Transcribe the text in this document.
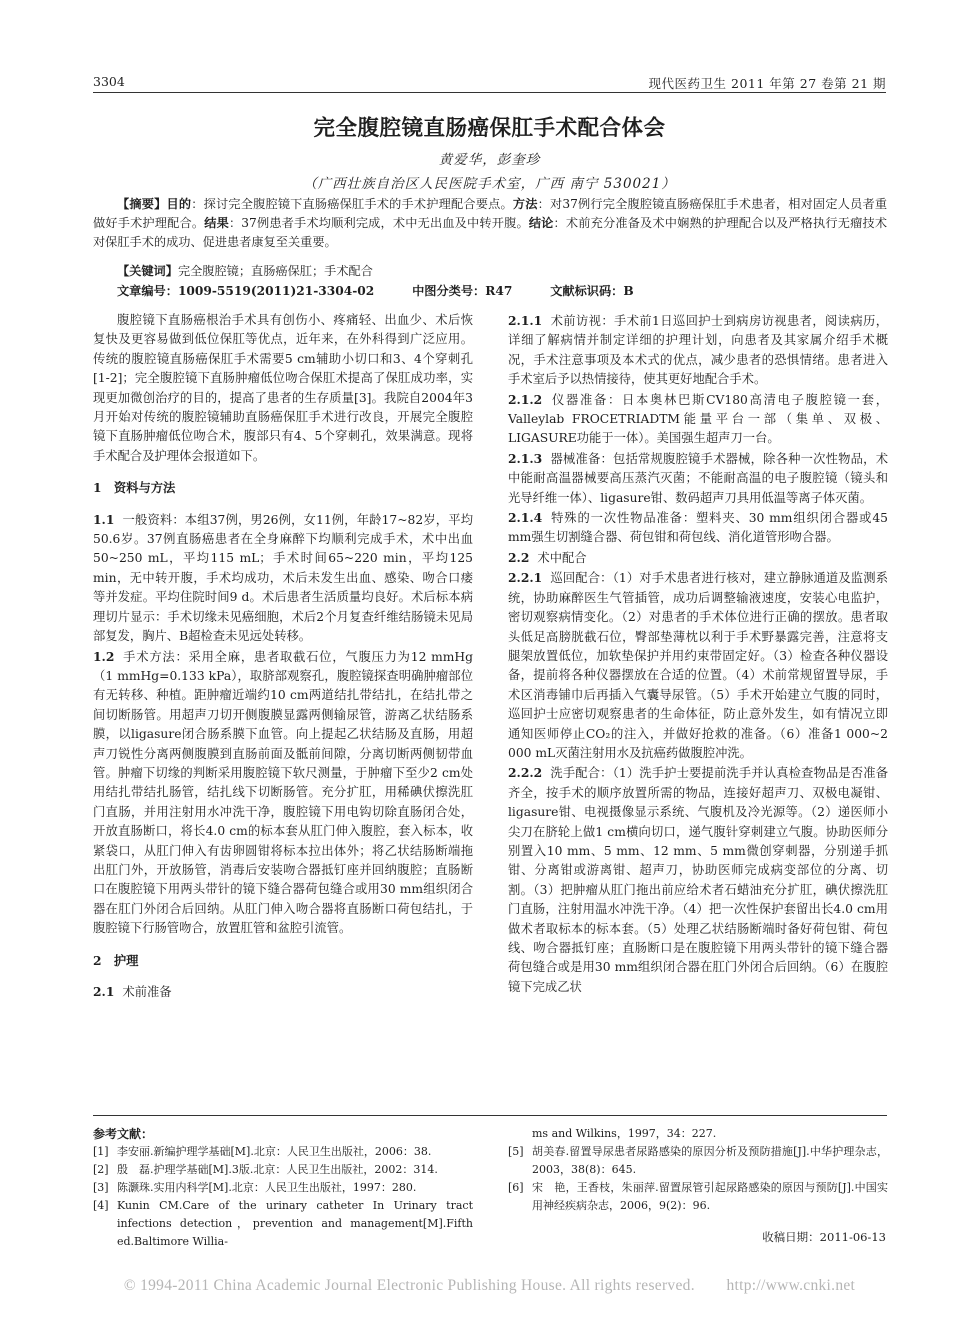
3304	现代医药卫生 2011 年第 27 卷第 21 期
完全腹腔镜直肠癌保肛手术配合体会
黄爱华，彭奎珍
（广西壮族自治区人民医院手术室，广西 南宁 530021）

【摘要】目的：探讨完全腹腔镜下直肠癌保肛手术的手术护理配合要点。方法：对37例行完全腹腔镜直肠癌保肛手术患者，相对固定人员者重做好手术护理配合。结果：37例患者手术均顺利完成，术中无出血及中转开腹。结论：术前充分准备及术中娴熟的护理配合以及严格执行无瘤技术对保肛手术的成功、促进患者康复至关重要。

【关键词】完全腹腔镜；直肠癌保肛；手术配合

文章编号：1009-5519(2011)21-3304-02	中图分类号：R47	文献标识码：B

腹腔镜下直肠癌根治手术具有创伤小、疼痛轻、出血少、术后恢复快及更容易做到低位保肛等优点，近年来，在外科得到广泛应用。传统的腹腔镜直肠癌保肛手术需要5 cm辅助小切口和3、4个穿刺孔[1-2]；完全腹腔镜下直肠肿瘤低位吻合保肛术提高了保肛成功率，实现更加微创治疗的目的，提高了患者的生存质量[3]。我院自2004年3月开始对传统的腹腔镜辅助直肠癌保肛手术进行改良，开展完全腹腔镜下直肠肿瘤低位吻合术，腹部只有4、5个穿刺孔，效果满意。现将手术配合及护理体会报道如下。

1　资料与方法

1.1 一般资料：本组37例，男26例，女11例，年龄17~82岁，平均50.6岁。37例直肠癌患者在全身麻醉下均顺利完成手术，术中出血50~250 mL，平均115 mL；手术时间65~220 min，平均125 min，无中转开腹，手术均成功，术后未发生出血、感染、吻合口瘘等并发症。平均住院时间9 d。术后患者生活质量均良好。术后标本病理切片显示：手术切缘未见癌细胞，术后2个月复查纤维结肠镜未见局部复发，胸片、B超检查未见远处转移。

1.2 手术方法：采用全麻，患者取截石位，气腹压力为12 mmHg（1 mmHg=0.133 kPa），取脐部观察孔，腹腔镜探查明确肿瘤部位有无转移、种植。距肿瘤近端约10 cm两道结扎带结扎，在结扎带之间切断肠管。用超声刀切开侧腹膜显露两侧输尿管，游离乙状结肠系膜，以ligasure闭合肠系膜下血管。向上提起乙状结肠及直肠，用超声刀锐性分离两侧腹膜到直肠前面及骶前间隙，分离切断两侧韧带血管。肿瘤下切缘的判断采用腹腔镜下软尺测量，于肿瘤下至少2 cm处用结扎带结扎肠管，结扎线下切断肠管。充分扩肛，用稀碘伏擦洗肛门直肠，并用注射用水冲洗干净，腹腔镜下用电钩切除直肠闭合处，开放直肠断口，将长4.0 cm的标本套从肛门伸入腹腔，套入标本，收紧袋口，从肛门伸入有齿卵圆钳将标本拉出体外；将乙状结肠断端拖出肛门外，开放肠管，消毒后安装吻合器抵钉座并回纳腹腔；直肠断口在腹腔镜下用两头带针的镜下缝合器荷包缝合或用30 mm组织闭合器在肛门外闭合后回纳。从肛门伸入吻合器将直肠断口荷包结扎，于腹腔镜下行肠管吻合，放置肛管和盆腔引流管。

2　护理

2.1 术前准备

2.1.1 术前访视：手术前1日巡回护士到病房访视患者，阅读病历，详细了解病情并制定详细的护理计划，向患者及其家属介绍手术概况，手术注意事项及本术式的优点，减少患者的恐惧情绪。患者进入手术室后予以热情接待，使其更好地配合手术。

2.1.2 仪器准备：日本奥林巴斯CV180高清电子腹腔镜一套，Valleylab FROCETRIADTM能量平台一部（集单、双极、LIGASURE功能于一体）。美国强生超声刀一台。

2.1.3 器械准备：包括常规腹腔镜手术器械，除各种一次性物品，术中能耐高温器械要高压蒸汽灭菌；不能耐高温的电子腹腔镜（镜头和光导纤维一体）、ligasure钳、数码超声刀具用低温等离子体灭菌。

2.1.4 特殊的一次性物品准备：塑料夹、30 mm组织闭合器或45 mm强生切割缝合器、荷包钳和荷包线、消化道管形吻合器。

2.2 术中配合

2.2.1 巡回配合：（1）对手术患者进行核对，建立静脉通道及监测系统，协助麻醉医生气管插管，成功后调整输液速度，安装心电监护，密切观察病情变化。（2）对患者的手术体位进行正确的摆放。患者取头低足高膀胱截石位，臀部垫薄枕以利于手术野暴露完善，注意将支腿架放置低位，加软垫保护并用约束带固定好。（3）检查各种仪器设备，提前将各种仪器摆放在合适的位置。（4）术前常规留置导尿，手术区消毒铺巾后再插入气囊导尿管。（5）手术开始建立气腹的同时，巡回护士应密切观察患者的生命体征，防止意外发生，如有情况立即通知医师停止CO₂的注入，并做好抢救的准备。（6）准备1 000~2 000 mL灭菌注射用水及抗癌药做腹腔冲洗。

2.2.2 洗手配合：（1）洗手护士要提前洗手并认真检查物品是否准备齐全，按手术的顺序放置所需的物品，连接好超声刀、双极电凝钳、ligasure钳、电视摄像显示系统、气腹机及冷光源等。（2）递医师小尖刀在脐轮上做1 cm横向切口，递气腹针穿刺建立气腹。协助医师分别置入10 mm、5 mm、12 mm、5 mm微创穿刺器，分别递手抓钳、分离钳或游离钳、超声刀，协助医师完成病变部位的分离、切割。（3）把肿瘤从肛门拖出前应给术者石蜡油充分扩肛，碘伏擦洗肛门直肠，注射用温水冲洗干净。（4）把一次性保护套留出长4.0 cm用做术者取标本的标本套。（5）处理乙状结肠断端时备好荷包钳、荷包线、吻合器抵钉座；直肠断口是在腹腔镜下用两头带针的镜下缝合器荷包缝合或是用30 mm组织闭合器在肛门外闭合后回纳。（6）在腹腔镜下完成乙状

参考文献：
[1] 李安丽.新编护理学基础[M].北京：人民卫生出版社，2006：38.
[2] 殷　磊.护理学基础[M].3版.北京：人民卫生出版社，2002：314.
[3] 陈灏珠.实用内科学[M].北京：人民卫生出版社，1997：280.
[4] Kunin CM.Care of the urinary catheter In Urinary tract infections detection，prevention and management[M].Fifth ed.Baltimore Willia-
ms and Wilkins，1997，34：227.
[5] 胡美春.留置导尿患者尿路感染的原因分析及预防措施[J].中华护理杂志，2003，38(8)：645.
[6] 宋　艳，王香枝，朱丽萍.留置尿管引起尿路感染的原因与预防[J].中国实用神经疾病杂志，2006，9(2)：96.
收稿日期：2011-06-13
© 1994-2011 China Academic Journal Electronic Publishing House. All rights reserved.　　http://www.cnki.net
